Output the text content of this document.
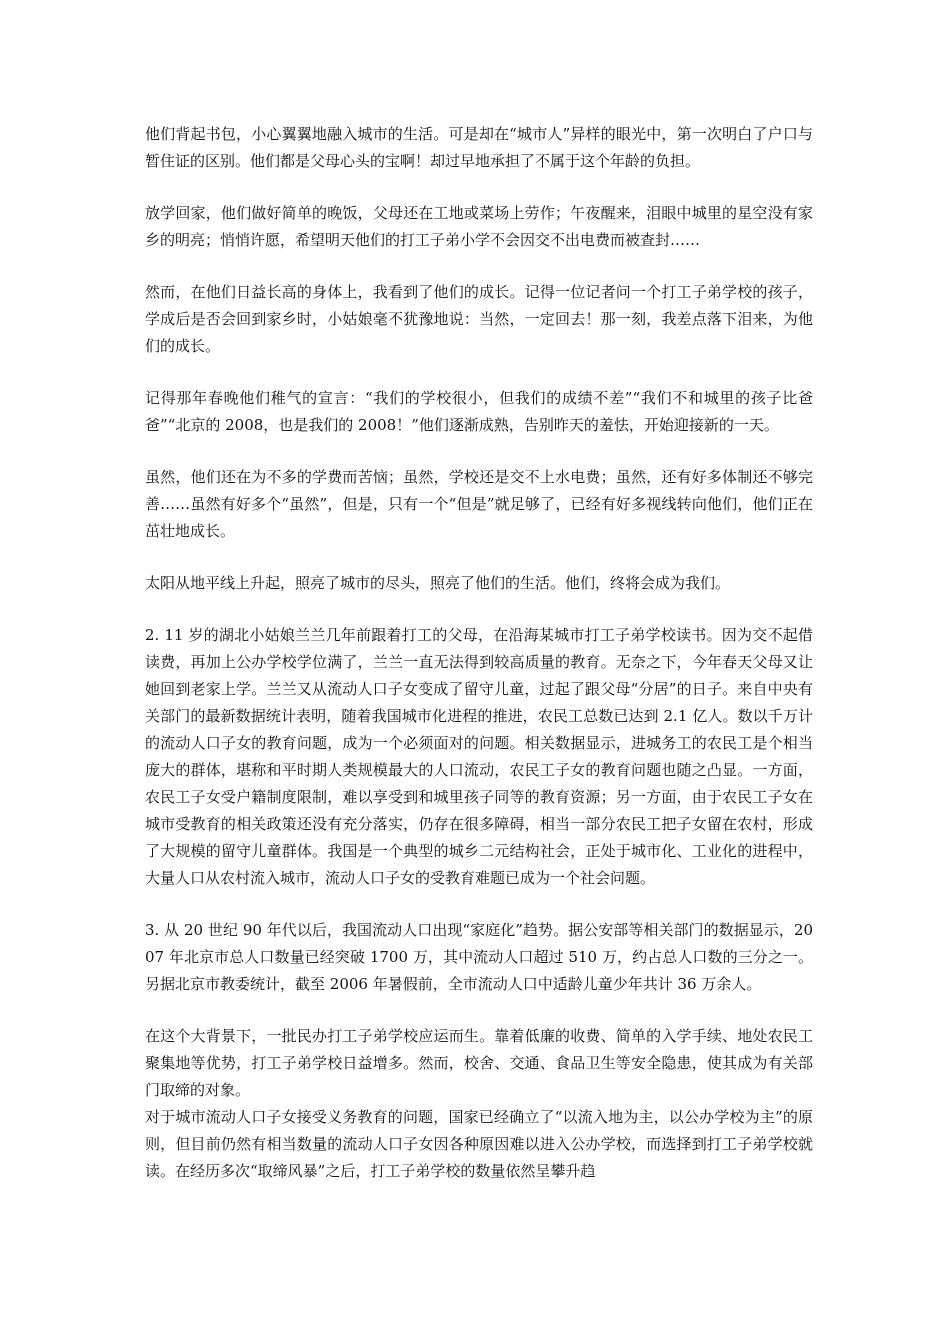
他们背起书包，小心翼翼地融入城市的生活。可是却在“城市人”异样的眼光中，第一次明白了户口与暂住证的区别。他们都是父母心头的宝啊！却过早地承担了不属于这个年龄的负担。

放学回家，他们做好简单的晚饭，父母还在工地或菜场上劳作；午夜醒来，泪眼中城里的星空没有家乡的明亮；悄悄许愿，希望明天他们的打工子弟小学不会因交不出电费而被查封……

然而，在他们日益长高的身体上，我看到了他们的成长。记得一位记者问一个打工子弟学校的孩子，学成后是否会回到家乡时，小姑娘毫不犹豫地说：当然，一定回去！那一刻，我差点落下泪来，为他们的成长。

记得那年春晚他们稚气的宣言：“我们的学校很小，但我们的成绩不差”“我们不和城里的孩子比爸爸”“北京的 2008，也是我们的 2008！”他们逐渐成熟，告别昨天的羞怯，开始迎接新的一天。

虽然，他们还在为不多的学费而苦恼；虽然，学校还是交不上水电费；虽然，还有好多体制还不够完善……虽然有好多个“虽然”，但是，只有一个“但是”就足够了，已经有好多视线转向他们，他们正在茁壮地成长。

太阳从地平线上升起，照亮了城市的尽头，照亮了他们的生活。他们，终将会成为我们。

2. 11 岁的湖北小姑娘兰兰几年前跟着打工的父母，在沿海某城市打工子弟学校读书。因为交不起借读费，再加上公办学校学位满了，兰兰一直无法得到较高质量的教育。无奈之下，今年春天父母又让她回到老家上学。兰兰又从流动人口子女变成了留守儿童，过起了跟父母“分居”的日子。来自中央有关部门的最新数据统计表明，随着我国城市化进程的推进，农民工总数已达到 2.1 亿人。数以千万计的流动人口子女的教育问题，成为一个必须面对的问题。相关数据显示，进城务工的农民工是个相当庞大的群体，堪称和平时期人类规模最大的人口流动，农民工子女的教育问题也随之凸显。一方面，农民工子女受户籍制度限制，难以享受到和城里孩子同等的教育资源；另一方面，由于农民工子女在城市受教育的相关政策还没有充分落实，仍存在很多障碍，相当一部分农民工把子女留在农村，形成了大规模的留守儿童群体。我国是一个典型的城乡二元结构社会，正处于城市化、工业化的进程中，大量人口从农村流入城市，流动人口子女的受教育难题已成为一个社会问题。

3. 从 20 世纪 90 年代以后，我国流动人口出现“家庭化”趋势。据公安部等相关部门的数据显示，2007 年北京市总人口数量已经突破 1700 万，其中流动人口超过 510 万，约占总人口数的三分之一。另据北京市教委统计，截至 2006 年暑假前，全市流动人口中适龄儿童少年共计 36 万余人。

在这个大背景下，一批民办打工子弟学校应运而生。靠着低廉的收费、简单的入学手续、地处农民工聚集地等优势，打工子弟学校日益增多。然而，校舍、交通、食品卫生等安全隐患，使其成为有关部门取缔的对象。

对于城市流动人口子女接受义务教育的问题，国家已经确立了“以流入地为主，以公办学校为主”的原则，但目前仍然有相当数量的流动人口子女因各种原因难以进入公办学校，而选择到打工子弟学校就读。在经历多次“取缔风暴”之后，打工子弟学校的数量依然呈攀升趋
